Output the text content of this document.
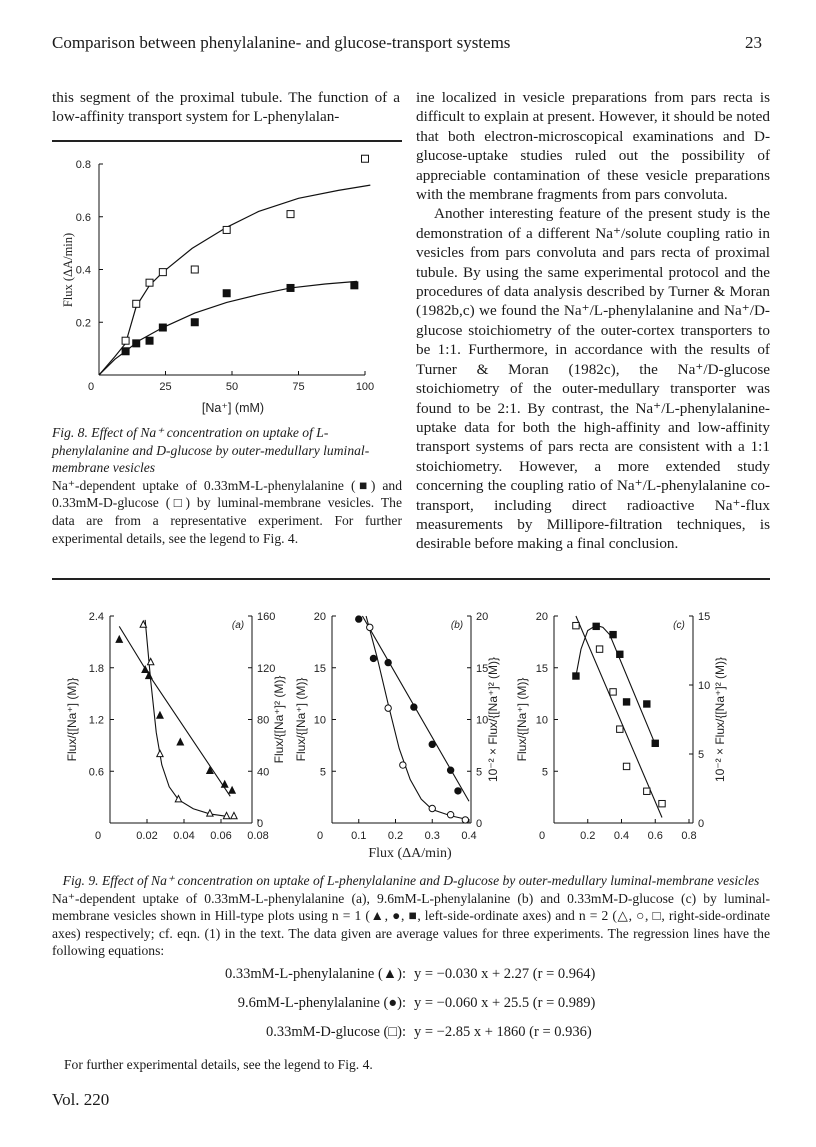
Comparison between phenylalanine- and glucose-transport systems	23
this segment of the proximal tubule. The function of a low-affinity transport system for L-phenylalan-

ine localized in vesicle preparations from pars recta is difficult to explain at present. However, it should be noted that both electron-microscopical examinations and D-glucose-uptake studies ruled out the possibility of appreciable contamination of these vesicle preparations with the membrane fragments from pars convoluta.

Another interesting feature of the present study is the demonstration of a different Na⁺/solute coupling ratio in vesicles from pars convoluta and pars recta of proximal tubule. By using the same experimental protocol and the procedures of data analysis described by Turner & Moran (1982b,c) we found the Na⁺/L-phenylalanine and Na⁺/D-glucose stoichiometry of the outer-cortex transporters to be 1:1. Furthermore, in accordance with the results of Turner & Moran (1982c), the Na⁺/D-glucose stoichiometry of the outer-medullary transporter was found to be 2:1. By contrast, the Na⁺/L-phenylalanine-uptake data for both the high-affinity and low-affinity transport systems of pars recta are consistent with a 1:1 stoichiometry. However, a more extended study concerning the coupling ratio of Na⁺/L-phenylalanine co-transport, including direct radioactive Na⁺-flux measurements by Millipore-filtration techniques, is desirable before making a final conclusion.

Fig. 8. Effect of Na⁺ concentration on uptake of L-phenylalanine and D-glucose by outer-medullary luminal-membrane vesicles
Na⁺-dependent uptake of 0.33mM-L-phenylalanine (■) and 0.33mM-D-glucose (□) by luminal-membrane vesicles. The data are from a representative experiment. For further experimental details, see the legend to Fig. 4.
Fig. 9. Effect of Na⁺ concentration on uptake of L-phenylalanine and D-glucose by outer-medullary luminal-membrane vesicles
Na⁺-dependent uptake of 0.33mM-L-phenylalanine (a), 9.6mM-L-phenylalanine (b) and 0.33mM-D-glucose (c) by luminal-membrane vesicles shown in Hill-type plots using n = 1 (▲, ●, ■, left-side-ordinate axes) and n = 2 (△, ○, □, right-side-ordinate axes) respectively; cf. eqn. (1) in the text. The data given are average values for three experiments. The regression lines have the following equations:
0.33mM-L-phenylalanine (▲): y = −0.030 x + 2.27 (r = 0.964)
9.6mM-L-phenylalanine (●): y = −0.060 x + 25.5 (r = 0.989)
0.33mM-D-glucose (□): y = −2.85 x + 1860 (r = 0.936)
For further experimental details, see the legend to Fig. 4.
Vol. 220
Flux (ΔA/min)
0.2
0.4
0.6
0.8
0	25	50	75	100
[Na⁺] (mM)
Flux (ΔA/min)
0.6
1.2
1.8
2.4
0
40
80
120
160
0	0.02 0.04 0.06 0.08
(a)
Flux/{[Na⁺] (M)}	Flux/{[Na⁺]² (M)}
5
10
15
20
0
5
10
15
20
0	0.1 0.2 0.3 0.4
(b)
Flux/{[Na⁺] (M)}	10⁻² × Flux/{[Na⁺]² (M)}	5
10
15
20
0
5
10
15
0	0.2 0.4 0.6 0.8
(c)
Flux/{[Na⁺] (M)}	10⁻² × Flux/{[Na⁺]² (M)}
